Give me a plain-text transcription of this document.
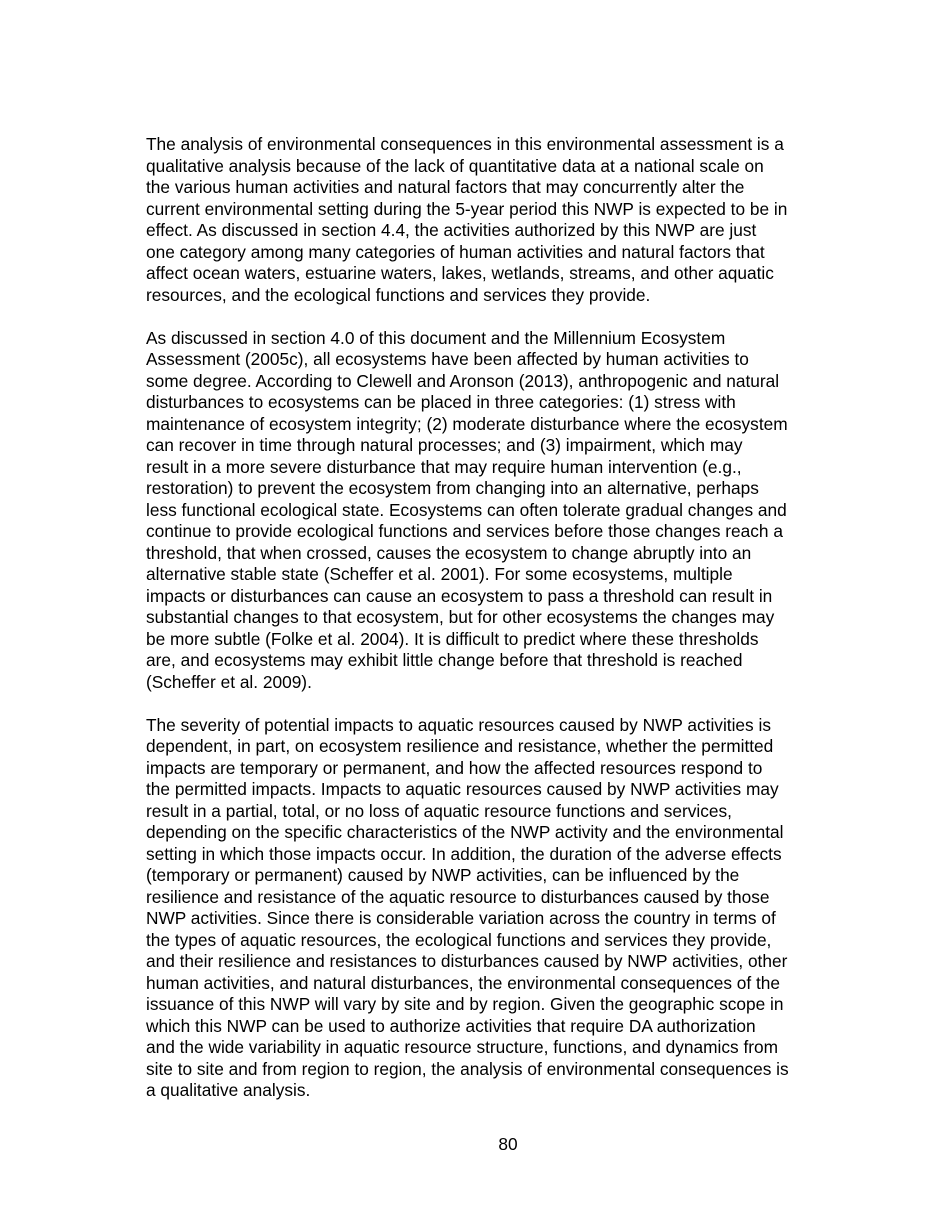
The analysis of environmental consequences in this environmental assessment is a
qualitative analysis because of the lack of quantitative data at a national scale on
the various human activities and natural factors that may concurrently alter the
current environmental setting during the 5-year period this NWP is expected to be in
effect. As discussed in section 4.4, the activities authorized by this NWP are just
one category among many categories of human activities and natural factors that
affect ocean waters, estuarine waters, lakes, wetlands, streams, and other aquatic
resources, and the ecological functions and services they provide.

As discussed in section 4.0 of this document and the Millennium Ecosystem
Assessment (2005c), all ecosystems have been affected by human activities to
some degree. According to Clewell and Aronson (2013), anthropogenic and natural
disturbances to ecosystems can be placed in three categories: (1) stress with
maintenance of ecosystem integrity; (2) moderate disturbance where the ecosystem
can recover in time through natural processes; and (3) impairment, which may
result in a more severe disturbance that may require human intervention (e.g.,
restoration) to prevent the ecosystem from changing into an alternative, perhaps
less functional ecological state. Ecosystems can often tolerate gradual changes and
continue to provide ecological functions and services before those changes reach a
threshold, that when crossed, causes the ecosystem to change abruptly into an
alternative stable state (Scheffer et al. 2001). For some ecosystems, multiple
impacts or disturbances can cause an ecosystem to pass a threshold can result in
substantial changes to that ecosystem, but for other ecosystems the changes may
be more subtle (Folke et al. 2004). It is difficult to predict where these thresholds
are, and ecosystems may exhibit little change before that threshold is reached
(Scheffer et al. 2009).

The severity of potential impacts to aquatic resources caused by NWP activities is
dependent, in part, on ecosystem resilience and resistance, whether the permitted
impacts are temporary or permanent, and how the affected resources respond to
the permitted impacts. Impacts to aquatic resources caused by NWP activities may
result in a partial, total, or no loss of aquatic resource functions and services,
depending on the specific characteristics of the NWP activity and the environmental
setting in which those impacts occur. In addition, the duration of the adverse effects
(temporary or permanent) caused by NWP activities, can be influenced by the
resilience and resistance of the aquatic resource to disturbances caused by those
NWP activities. Since there is considerable variation across the country in terms of
the types of aquatic resources, the ecological functions and services they provide,
and their resilience and resistances to disturbances caused by NWP activities, other
human activities, and natural disturbances, the environmental consequences of the
issuance of this NWP will vary by site and by region. Given the geographic scope in
which this NWP can be used to authorize activities that require DA authorization
and the wide variability in aquatic resource structure, functions, and dynamics from
site to site and from region to region, the analysis of environmental consequences is
a qualitative analysis.

80
